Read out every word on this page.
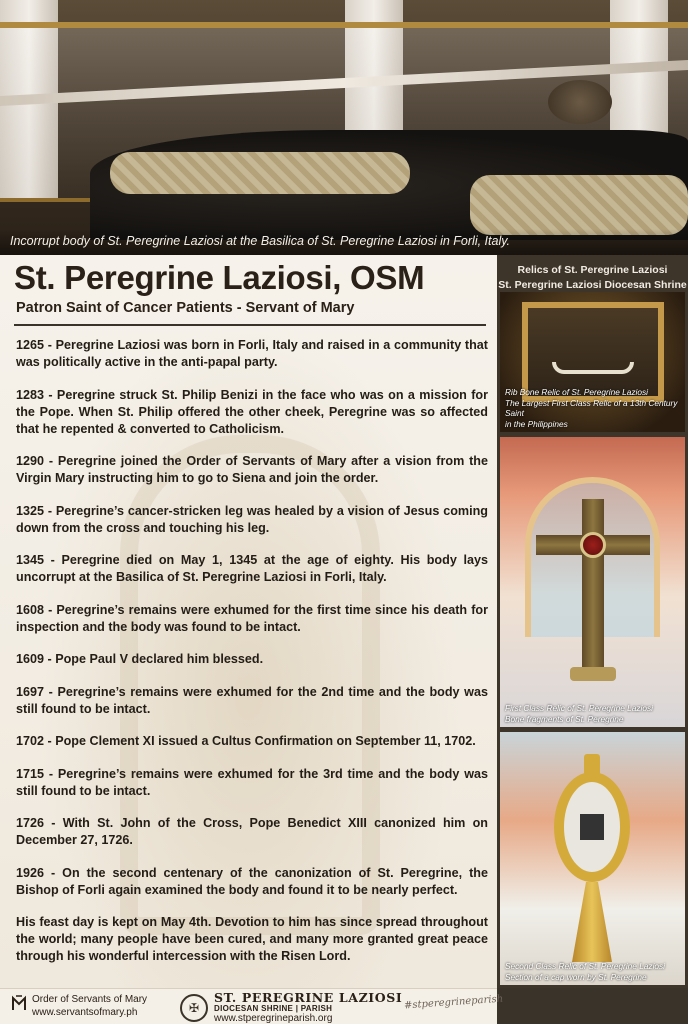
Incorrupt body of St. Peregrine Laziosi at the Basilica of St. Peregrine Laziosi in Forli, Italy.
St. Peregrine Laziosi, OSM
Patron Saint of Cancer Patients - Servant of Mary

1265 - Peregrine Laziosi was born in Forli, Italy and raised in a community that was politically active in the anti-papal party.

1283 - Peregrine struck St. Philip Benizi in the face who was on a mission for the Pope. When St. Philip offered the other cheek, Peregrine was so affected that he repented & converted to Catholicism.

1290 - Peregrine joined the Order of Servants of Mary after a vision from the Virgin Mary instructing him to go to Siena and join the order.

1325 - Peregrine’s cancer-stricken leg was healed by a vision of Jesus coming down from the cross and touching his leg.

1345 - Peregrine died on May 1, 1345 at the age of eighty. His body lays uncorrupt at the Basilica of St. Peregrine Laziosi in Forli, Italy.

1608 - Peregrine’s remains were exhumed for the first time since his death for inspection and the body was found to be intact.

1609 - Pope Paul V declared him blessed.

1697 - Peregrine’s remains were exhumed for the 2nd time and the body was still found to be intact.

1702 - Pope Clement XI issued a Cultus Confirmation on September 11, 1702.

1715 - Peregrine’s remains were exhumed for the 3rd time and the body was still found to be intact.

1726 - With St. John of the Cross, Pope Benedict XIII canonized him on December 27, 1726.

1926 - On the second centenary of the canonization of St. Peregrine, the Bishop of Forli again examined the body and found it to be nearly perfect.

His feast day is kept on May 4th. Devotion to him has since spread throughout the world; many people have been cured, and many more granted great peace through his wonderful intercession with the Risen Lord.

Relics of St. Peregrine Laziosi
St. Peregrine Laziosi Diocesan Shrine
Rib Bone Relic of St. Peregrine Laziosi
The Largest First Class Relic of a 13th Century Saint
in the Philippines
First Class Relic of St. Peregrine Laziosi
Bone fragments of St. Peregrine
Second Class Relic of St. Peregrine Laziosi
Section of a cap worn by St. Peregrine
Order of Servants of Mary
www.servantsofmary.ph	✠
ST. PEREGRINE LAZIOSI
DIOCESAN SHRINE | PARISH
www.stperegrineparish.org
#stperegrineparish
